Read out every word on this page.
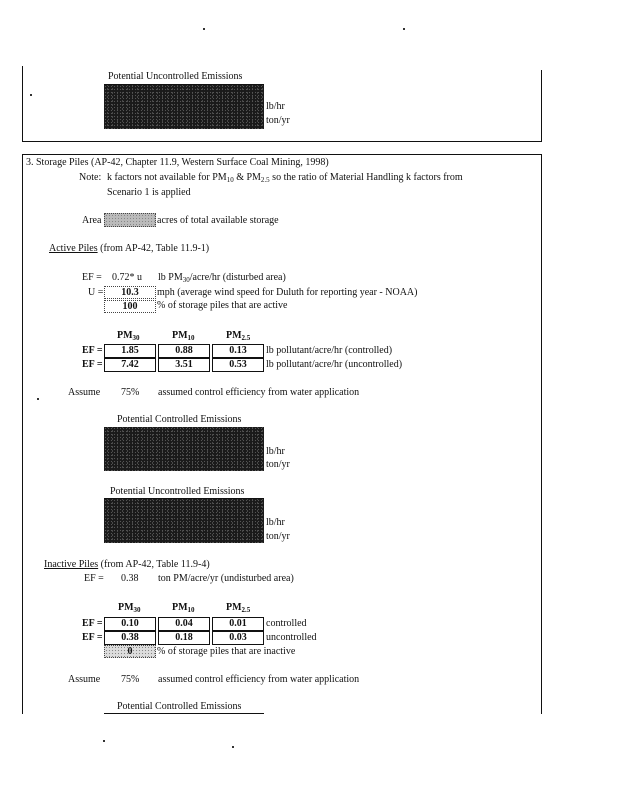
Potential Uncontrolled Emissions
lb/hr
ton/yr
3. Storage Piles (AP-42, Chapter 11.9, Western Surface Coal Mining, 1998)
Note: k factors not available for $PM_{10}$ & $PM_{2.5}$ so the ratio of Material Handling k factors from
Scenario 1 is applied
Area	acres of total available storage
Active Piles (from AP-42, Table 11.9-1)
EF = 0.72* u lb $PM_{30}/acre/hr$ (disturbed area)
U =	10.3	mph (average wind speed for Duluth for reporting year - NOAA)
100	% of storage piles that are active
$PM_{30}$	$PM_{10}$	$PM_{2.5}$
EF =	1.85	0.88	0.13	lb pollutant/acre/hr (controlled)
EF =	7.42	3.51	0.53	lb pollutant/acre/hr (uncontrolled)
Assume 75% assumed control efficiency from water application
Potential Controlled Emissions
lb/hr
ton/yr
Potential Uncontrolled Emissions
lb/hr
ton/yr
Inactive Piles (from AP-42, Table 11.9-4)
EF = 0.38 ton PM/acre/yr (undisturbed area)
$PM_{30}$	$PM_{10}$	$PM_{2.5}$
EF =	0.10	0.04	0.01	controlled
EF =	0.38	0.18	0.03	uncontrolled
0	% of storage piles that are inactive
Assume 75% assumed control efficiency from water application
Potential Controlled Emissions
